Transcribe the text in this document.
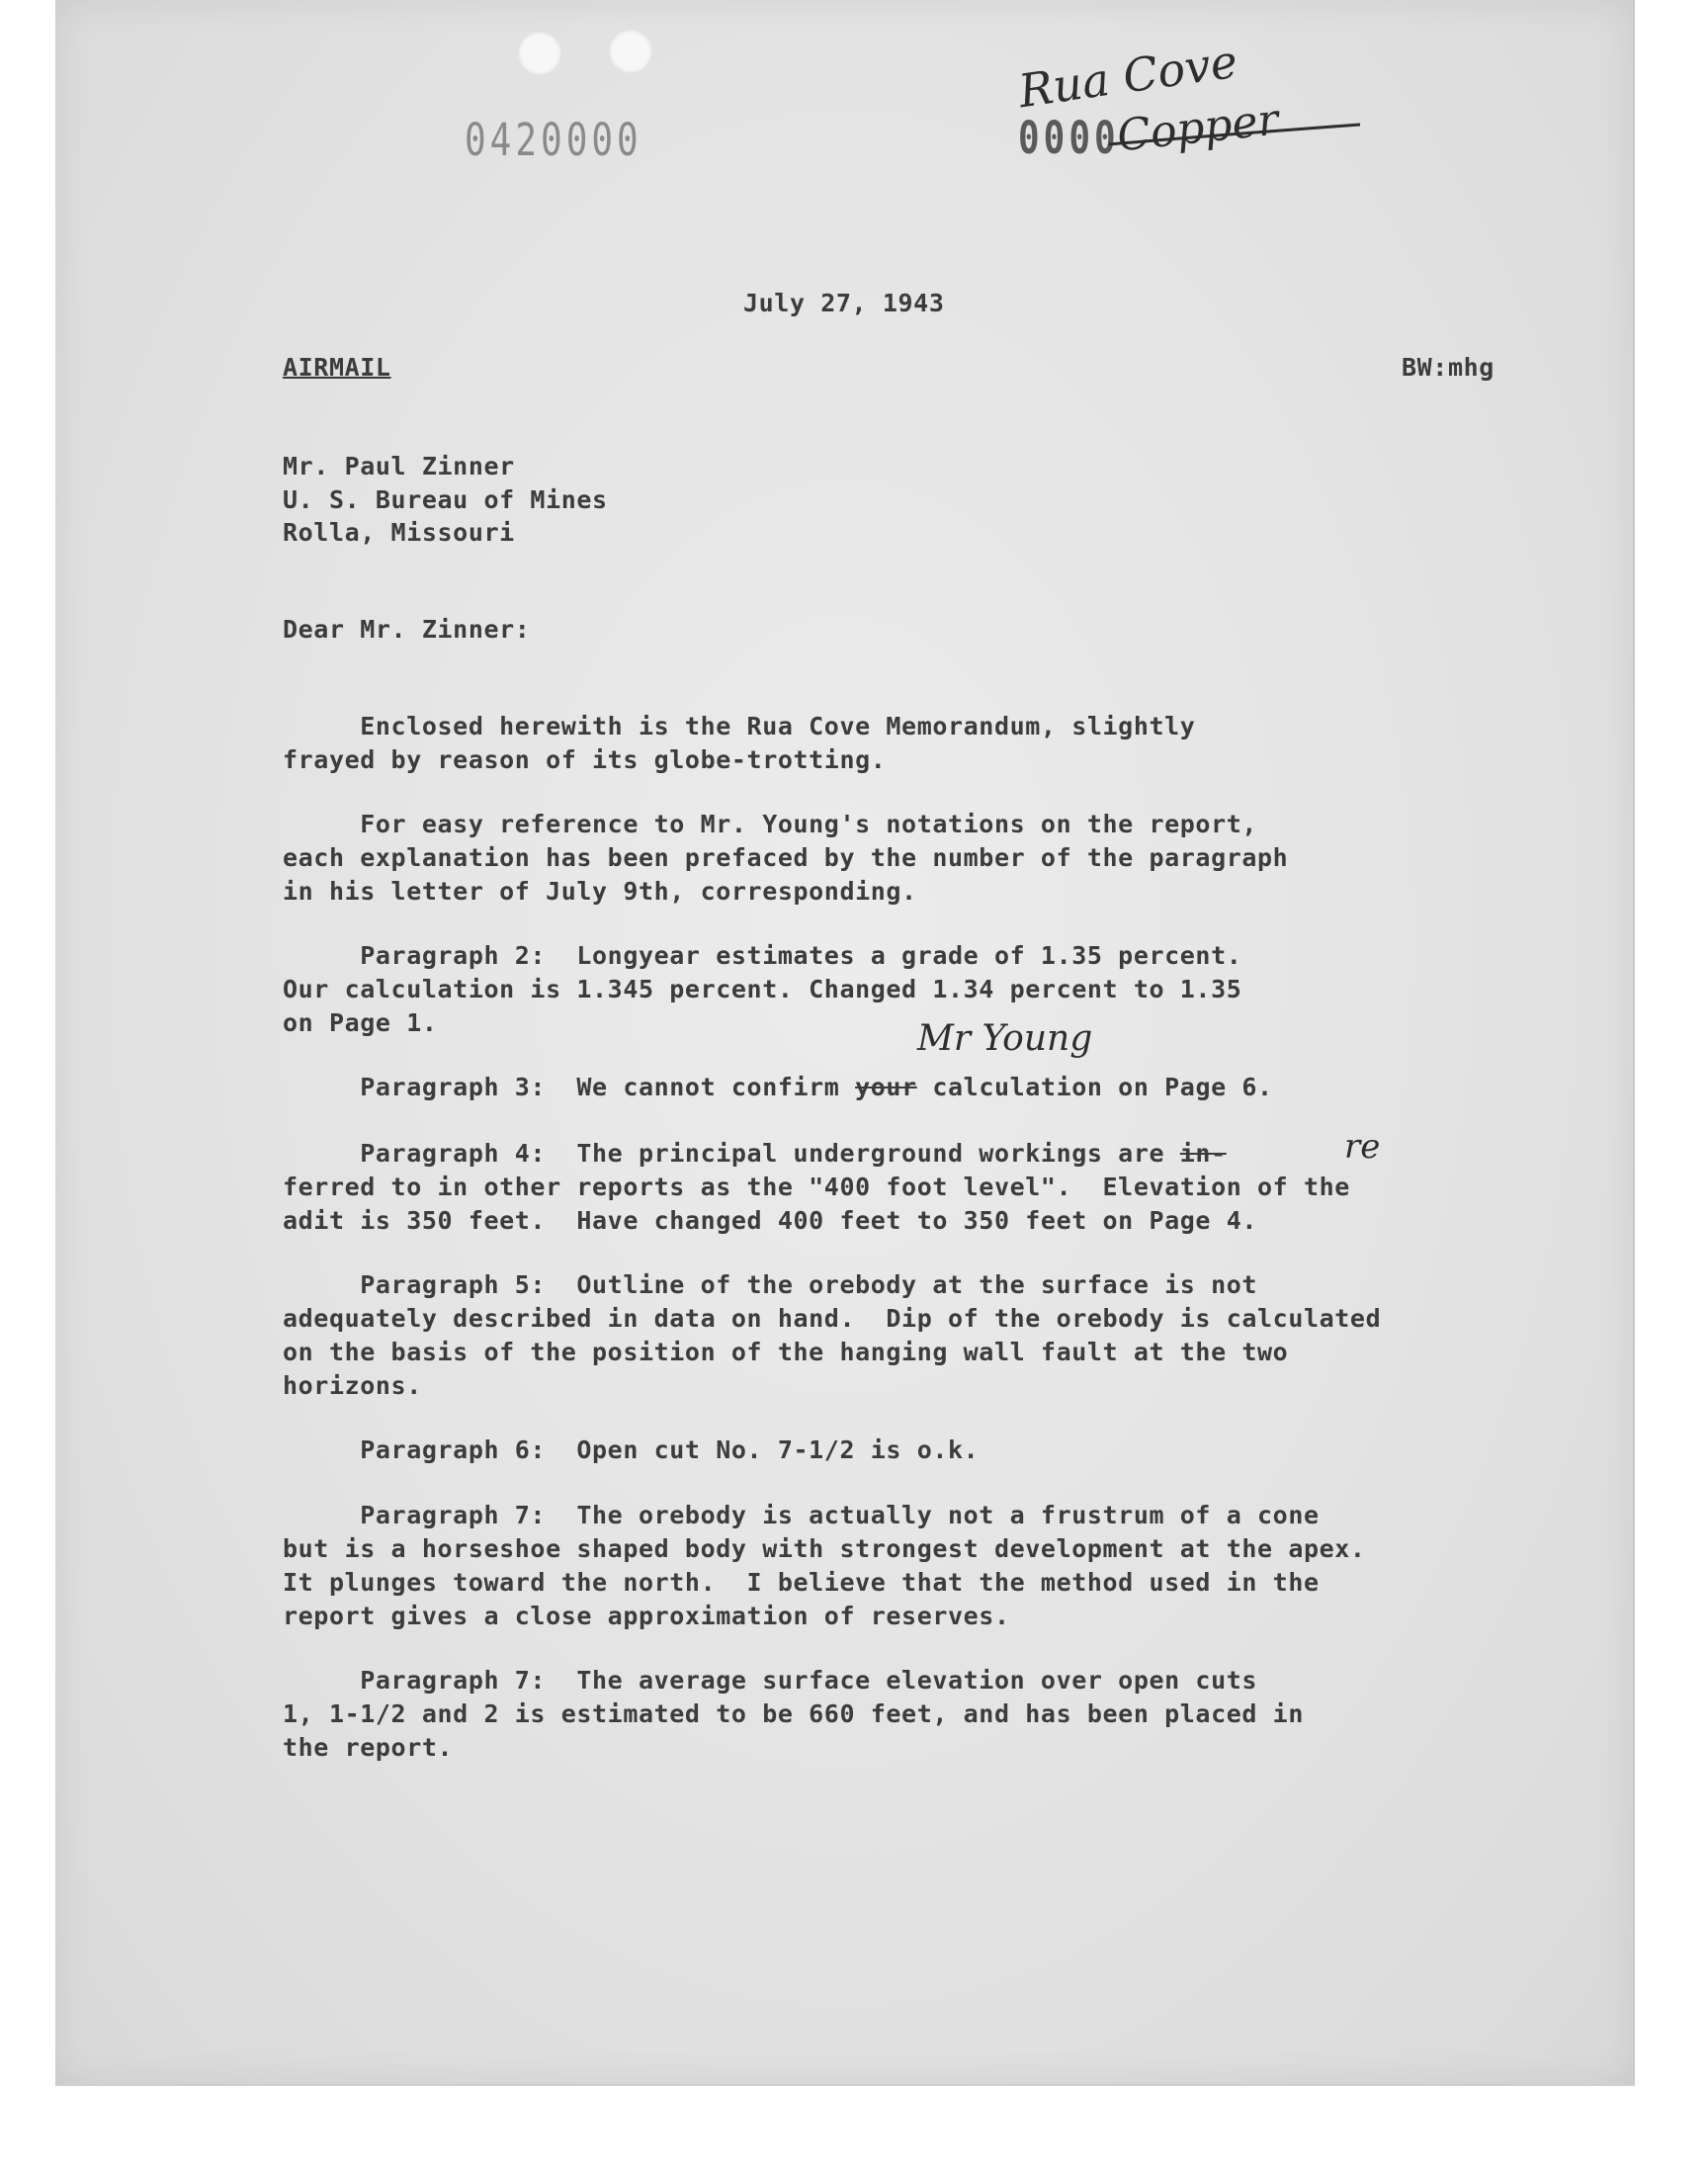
0420000	0000
Rua Cove
Copper
July 27, 1943
AIRMAIL	BW:mhg
Mr. Paul Zinner
U. S. Bureau of Mines
Rolla, Missouri
Dear Mr. Zinner:
Enclosed herewith is the Rua Cove Memorandum, slightly
frayed by reason of its globe-trotting.
For easy reference to Mr. Young's notations on the report,
each explanation has been prefaced by the number of the paragraph
in his letter of July 9th, corresponding.
Paragraph 2:  Longyear estimates a grade of 1.35 percent.
Our calculation is 1.345 percent. Changed 1.34 percent to 1.35
on Page 1.	Mr Young
Paragraph 3:  We cannot confirm your calculation on Page 6.
Paragraph 4:  The principal underground workings are in-	re
ferred to in other reports as the "400 foot level".  Elevation of the
adit is 350 feet.  Have changed 400 feet to 350 feet on Page 4.
Paragraph 5:  Outline of the orebody at the surface is not
adequately described in data on hand.  Dip of the orebody is calculated
on the basis of the position of the hanging wall fault at the two
horizons.
Paragraph 6:  Open cut No. 7-1/2 is o.k.
Paragraph 7:  The orebody is actually not a frustrum of a cone
but is a horseshoe shaped body with strongest development at the apex.
It plunges toward the north.  I believe that the method used in the
report gives a close approximation of reserves.
Paragraph 7:  The average surface elevation over open cuts
1, 1-1/2 and 2 is estimated to be 660 feet, and has been placed in
the report.
